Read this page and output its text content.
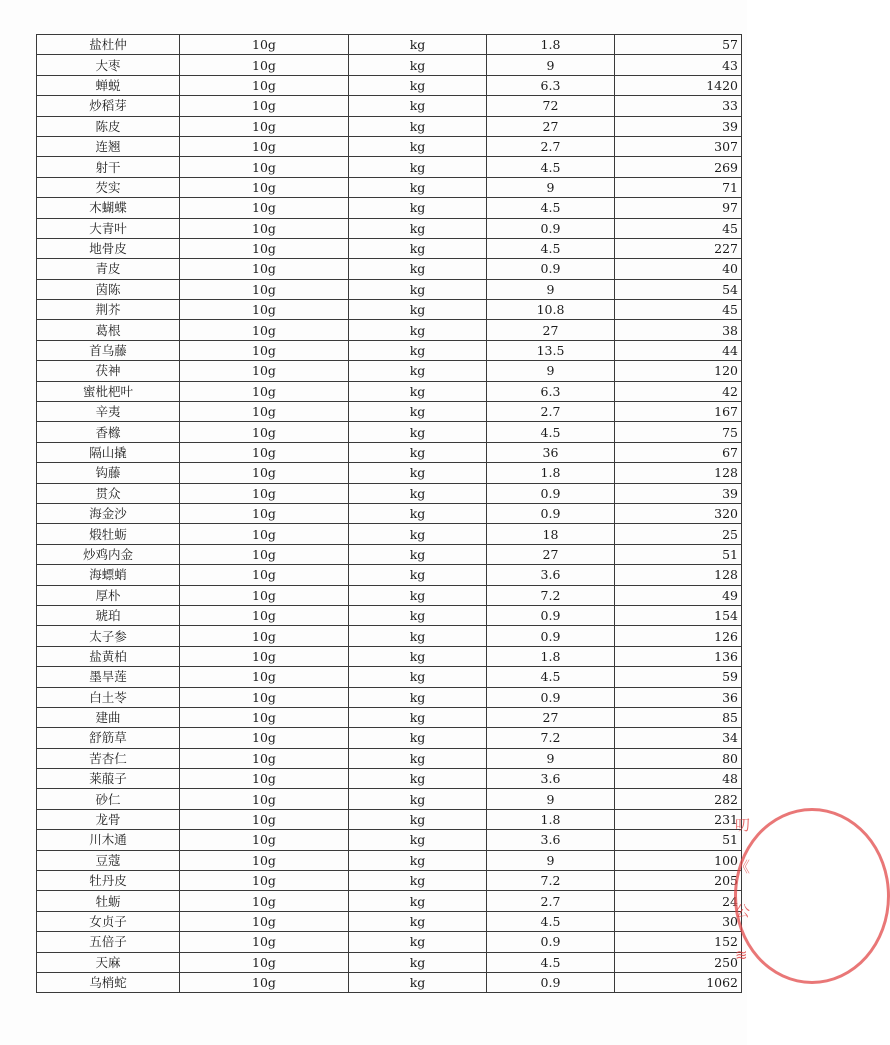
盐杜仲	10g	kg	1.8	57
大枣	10g	kg	9	43
蝉蜕	10g	kg	6.3	1420
炒稻芽	10g	kg	72	33
陈皮	10g	kg	27	39
连翘	10g	kg	2.7	307
射干	10g	kg	4.5	269
芡实	10g	kg	9	71
木蝴蝶	10g	kg	4.5	97
大青叶	10g	kg	0.9	45
地骨皮	10g	kg	4.5	227
青皮	10g	kg	0.9	40
茵陈	10g	kg	9	54
荆芥	10g	kg	10.8	45
葛根	10g	kg	27	38
首乌藤	10g	kg	13.5	44
茯神	10g	kg	9	120
蜜枇杷叶	10g	kg	6.3	42
辛夷	10g	kg	2.7	167
香橼	10g	kg	4.5	75
隔山撬	10g	kg	36	67
钩藤	10g	kg	1.8	128
贯众	10g	kg	0.9	39
海金沙	10g	kg	0.9	320
煅牡蛎	10g	kg	18	25
炒鸡内金	10g	kg	27	51
海螵蛸	10g	kg	3.6	128
厚朴	10g	kg	7.2	49
琥珀	10g	kg	0.9	154
太子参	10g	kg	0.9	126
盐黄柏	10g	kg	1.8	136
墨旱莲	10g	kg	4.5	59
白土苓	10g	kg	0.9	36
建曲	10g	kg	27	85
舒筋草	10g	kg	7.2	34
苦杏仁	10g	kg	9	80
莱菔子	10g	kg	3.6	48
砂仁	10g	kg	9	282
龙骨	10g	kg	1.8	231
川木通	10g	kg	3.6	51
豆蔻	10g	kg	9	100
牡丹皮	10g	kg	7.2	205
牡蛎	10g	kg	2.7	24
女贞子	10g	kg	4.5	30
五倍子	10g	kg	0.9	152
天麻	10g	kg	4.5	250
乌梢蛇	10g	kg	0.9	1062
叨
《
公
≋
